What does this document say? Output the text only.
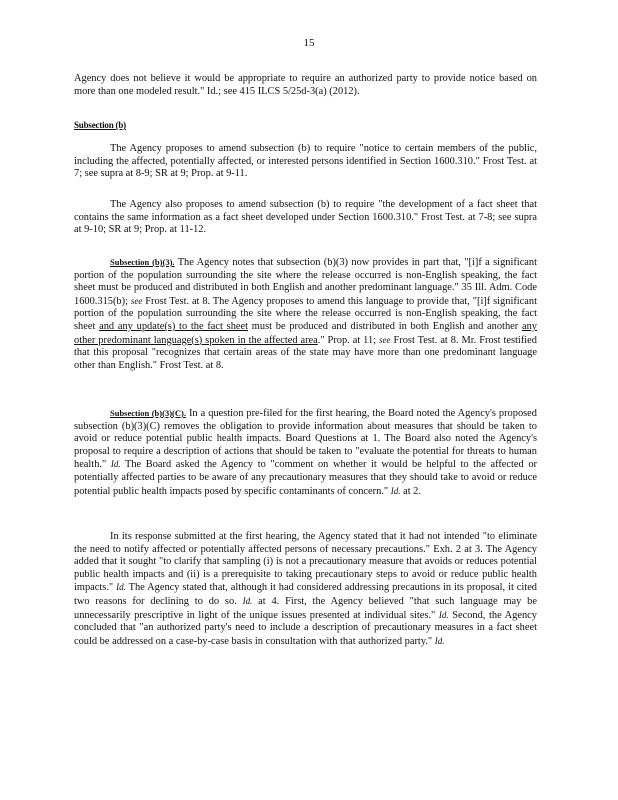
15

Agency does not believe it would be appropriate to require an authorized party to provide notice based on more than one modeled result." Id.; see 415 ILCS 5/25d-3(a) (2012).

Subsection (b)

The Agency proposes to amend subsection (b) to require "notice to certain members of the public, including the affected, potentially affected, or interested persons identified in Section 1600.310." Frost Test. at 7; see supra at 8-9; SR at 9; Prop. at 9-11.

The Agency also proposes to amend subsection (b) to require "the development of a fact sheet that contains the same information as a fact sheet developed under Section 1600.310." Frost Test. at 7-8; see supra at 9-10; SR at 9; Prop. at 11-12.

Subsection (b)(3). The Agency notes that subsection (b)(3) now provides in part that, "[i]f a significant portion of the population surrounding the site where the release occurred is non-English speaking, the fact sheet must be produced and distributed in both English and another predominant language." 35 Ill. Adm. Code 1600.315(b); see Frost Test. at 8. The Agency proposes to amend this language to provide that, "[i]f significant portion of the population surrounding the site where the release occurred is non-English speaking, the fact sheet and any update(s) to the fact sheet must be produced and distributed in both English and another any other predominant language(s) spoken in the affected area." Prop. at 11; see Frost Test. at 8. Mr. Frost testified that this proposal "recognizes that certain areas of the state may have more than one predominant language other than English." Frost Test. at 8.

Subsection (b)(3)(C). In a question pre-filed for the first hearing, the Board noted the Agency's proposed subsection (b)(3)(C) removes the obligation to provide information about measures that should be taken to avoid or reduce potential public health impacts. Board Questions at 1. The Board also noted the Agency's proposal to require a description of actions that should be taken to "evaluate the potential for threats to human health." Id. The Board asked the Agency to "comment on whether it would be helpful to the affected or potentially affected parties to be aware of any precautionary measures that they should take to avoid or reduce potential public health impacts posed by specific contaminants of concern." Id. at 2.

In its response submitted at the first hearing, the Agency stated that it had not intended "to eliminate the need to notify affected or potentially affected persons of necessary precautions." Exh. 2 at 3. The Agency added that it sought "to clarify that sampling (i) is not a precautionary measure that avoids or reduces potential public health impacts and (ii) is a prerequisite to taking precautionary steps to avoid or reduce public health impacts." Id. The Agency stated that, although it had considered addressing precautions in its proposal, it cited two reasons for declining to do so. Id. at 4. First, the Agency believed "that such language may be unnecessarily prescriptive in light of the unique issues presented at individual sites." Id. Second, the Agency concluded that "an authorized party's need to include a description of precautionary measures in a fact sheet could be addressed on a case-by-case basis in consultation with that authorized party." Id.
